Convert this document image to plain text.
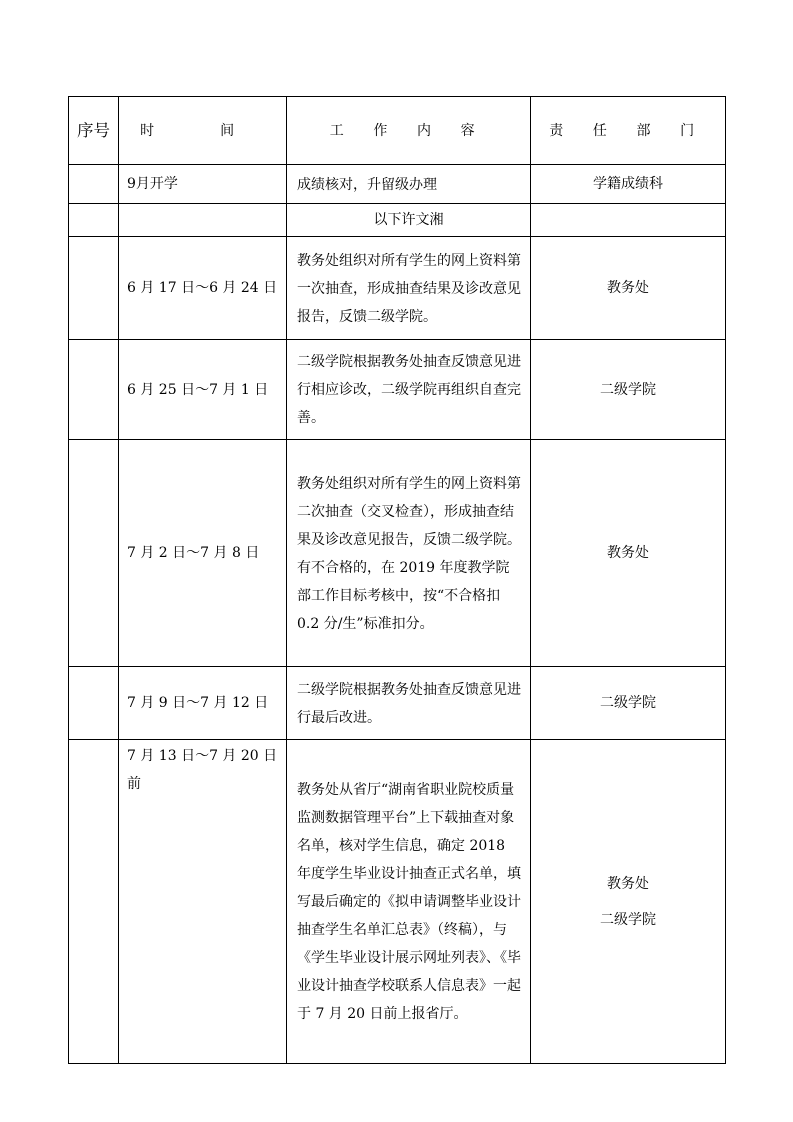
序号	时 间	工 作 内 容	责 任 部 门
	9月开学	成绩核对，升留级办理	学籍成绩科
		以下许文湘	
	6 月 17 日～6 月 24 日	教务处组织对所有学生的网上资料第一次抽查，形成抽查结果及诊改意见报告，反馈二级学院。	教务处
	6 月 25 日～7 月 1 日	二级学院根据教务处抽查反馈意见进行相应诊改，二级学院再组织自查完善。	二级学院
	7 月 2 日～7 月 8 日	教务处组织对所有学生的网上资料第二次抽查（交叉检查），形成抽查结果及诊改意见报告，反馈二级学院。有不合格的，在 2019 年度教学院部工作目标考核中，按“不合格扣 0.2 分/生”标准扣分。	教务处
	7 月 9 日～7 月 12 日	二级学院根据教务处抽查反馈意见进行最后改进。	二级学院
	7 月 13 日～7 月 20 日前	教务处从省厅“湖南省职业院校质量监测数据管理平台”上下载抽查对象名单，核对学生信息，确定 2018 年度学生毕业设计抽查正式名单，填写最后确定的《拟申请调整毕业设计抽查学生名单汇总表》（终稿），与《学生毕业设计展示网址列表》、《毕业设计抽查学校联系人信息表》一起于 7 月 20 日前上报省厅。	教务处
二级学院
